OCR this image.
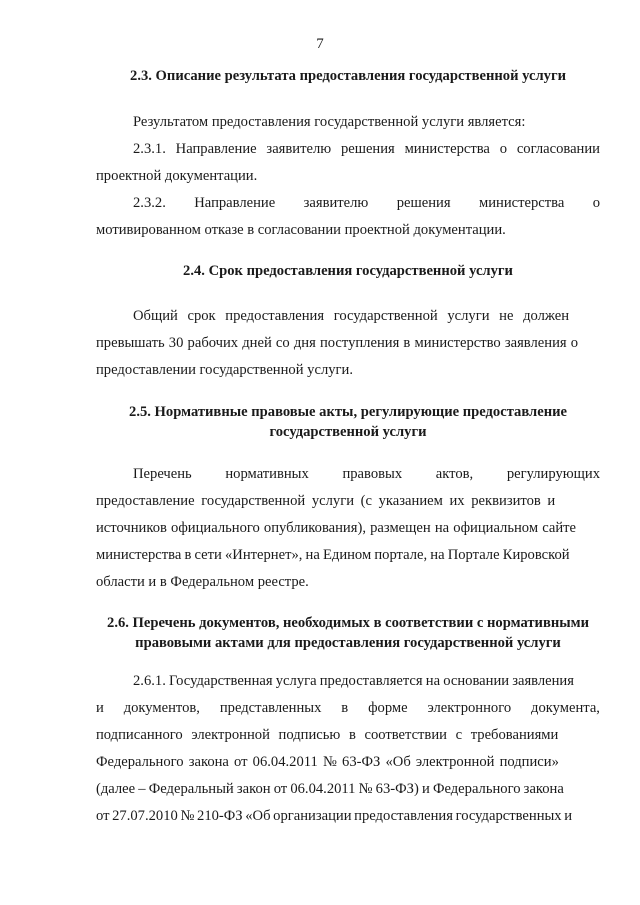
7
2.3. Описание результата предоставления государственной услуги
Результатом предоставления государственной услуги является:
2.3.1. Направление заявителю решения министерства о согласовании
проектной документации.
2.3.2. Направление заявителю решения министерства о
мотивированном отказе в согласовании проектной документации.
2.4. Срок предоставления государственной услуги
Общий срок предоставления государственной услуги не должен
превышать 30 рабочих дней со дня поступления в министерство заявления о
предоставлении государственной услуги.
2.5. Нормативные правовые акты, регулирующие предоставление
государственной услуги
Перечень нормативных правовых актов, регулирующих
предоставление государственной услуги (с указанием их реквизитов и
источников официального опубликования), размещен на официальном сайте
министерства в сети «Интернет», на Едином портале, на Портале Кировской
области и в Федеральном реестре.
2.6. Перечень документов, необходимых в соответствии с нормативными
правовыми актами для предоставления государственной услуги
2.6.1. Государственная услуга предоставляется на основании заявления
и документов, представленных в форме электронного документа,
подписанного электронной подписью в соответствии с требованиями
Федерального закона от 06.04.2011 № 63-ФЗ «Об электронной подписи»
(далее – Федеральный закон от 06.04.2011 № 63-ФЗ) и Федерального закона
от 27.07.2010 № 210-ФЗ «Об организации предоставления государственных и
